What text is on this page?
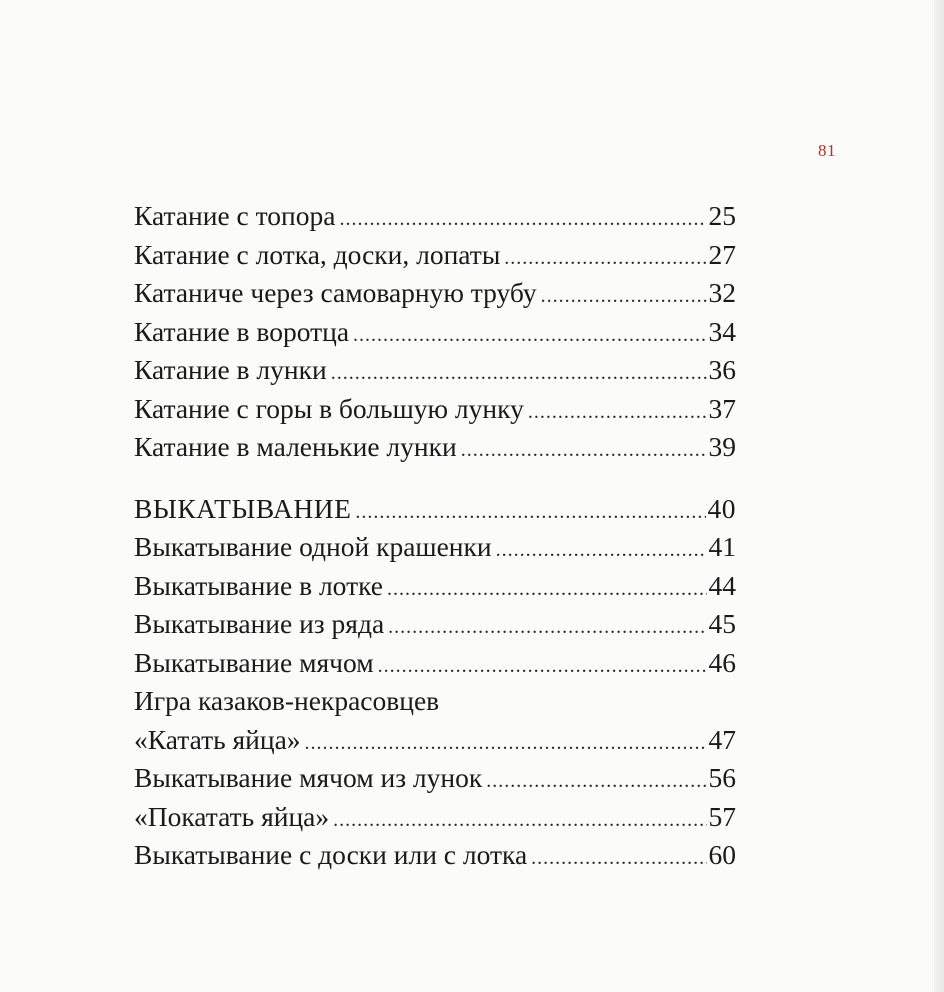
81
Катание с топора .....	25
Катание с лотка, доски, лопаты .....	27
Катаниче через самоварную трубу .....	32
Катание в воротца .....	34
Катание в лунки .....	36
Катание с горы в большую лунку .....	37
Катание в маленькие лунки .....	39
ВЫКАТЫВАНИЕ .....	40
Выкатывание одной крашенки .....	41
Выкатывание в лотке .....	44
Выкатывание из ряда .....	45
Выкатывание мячом .....	46
Игра казаков-некрасовцев
«Катать яйца» .....	47
Выкатывание мячом из лунок .....	56
«Покатать яйца» .....	57
Выкатывание с доски или с лотка .....	60
